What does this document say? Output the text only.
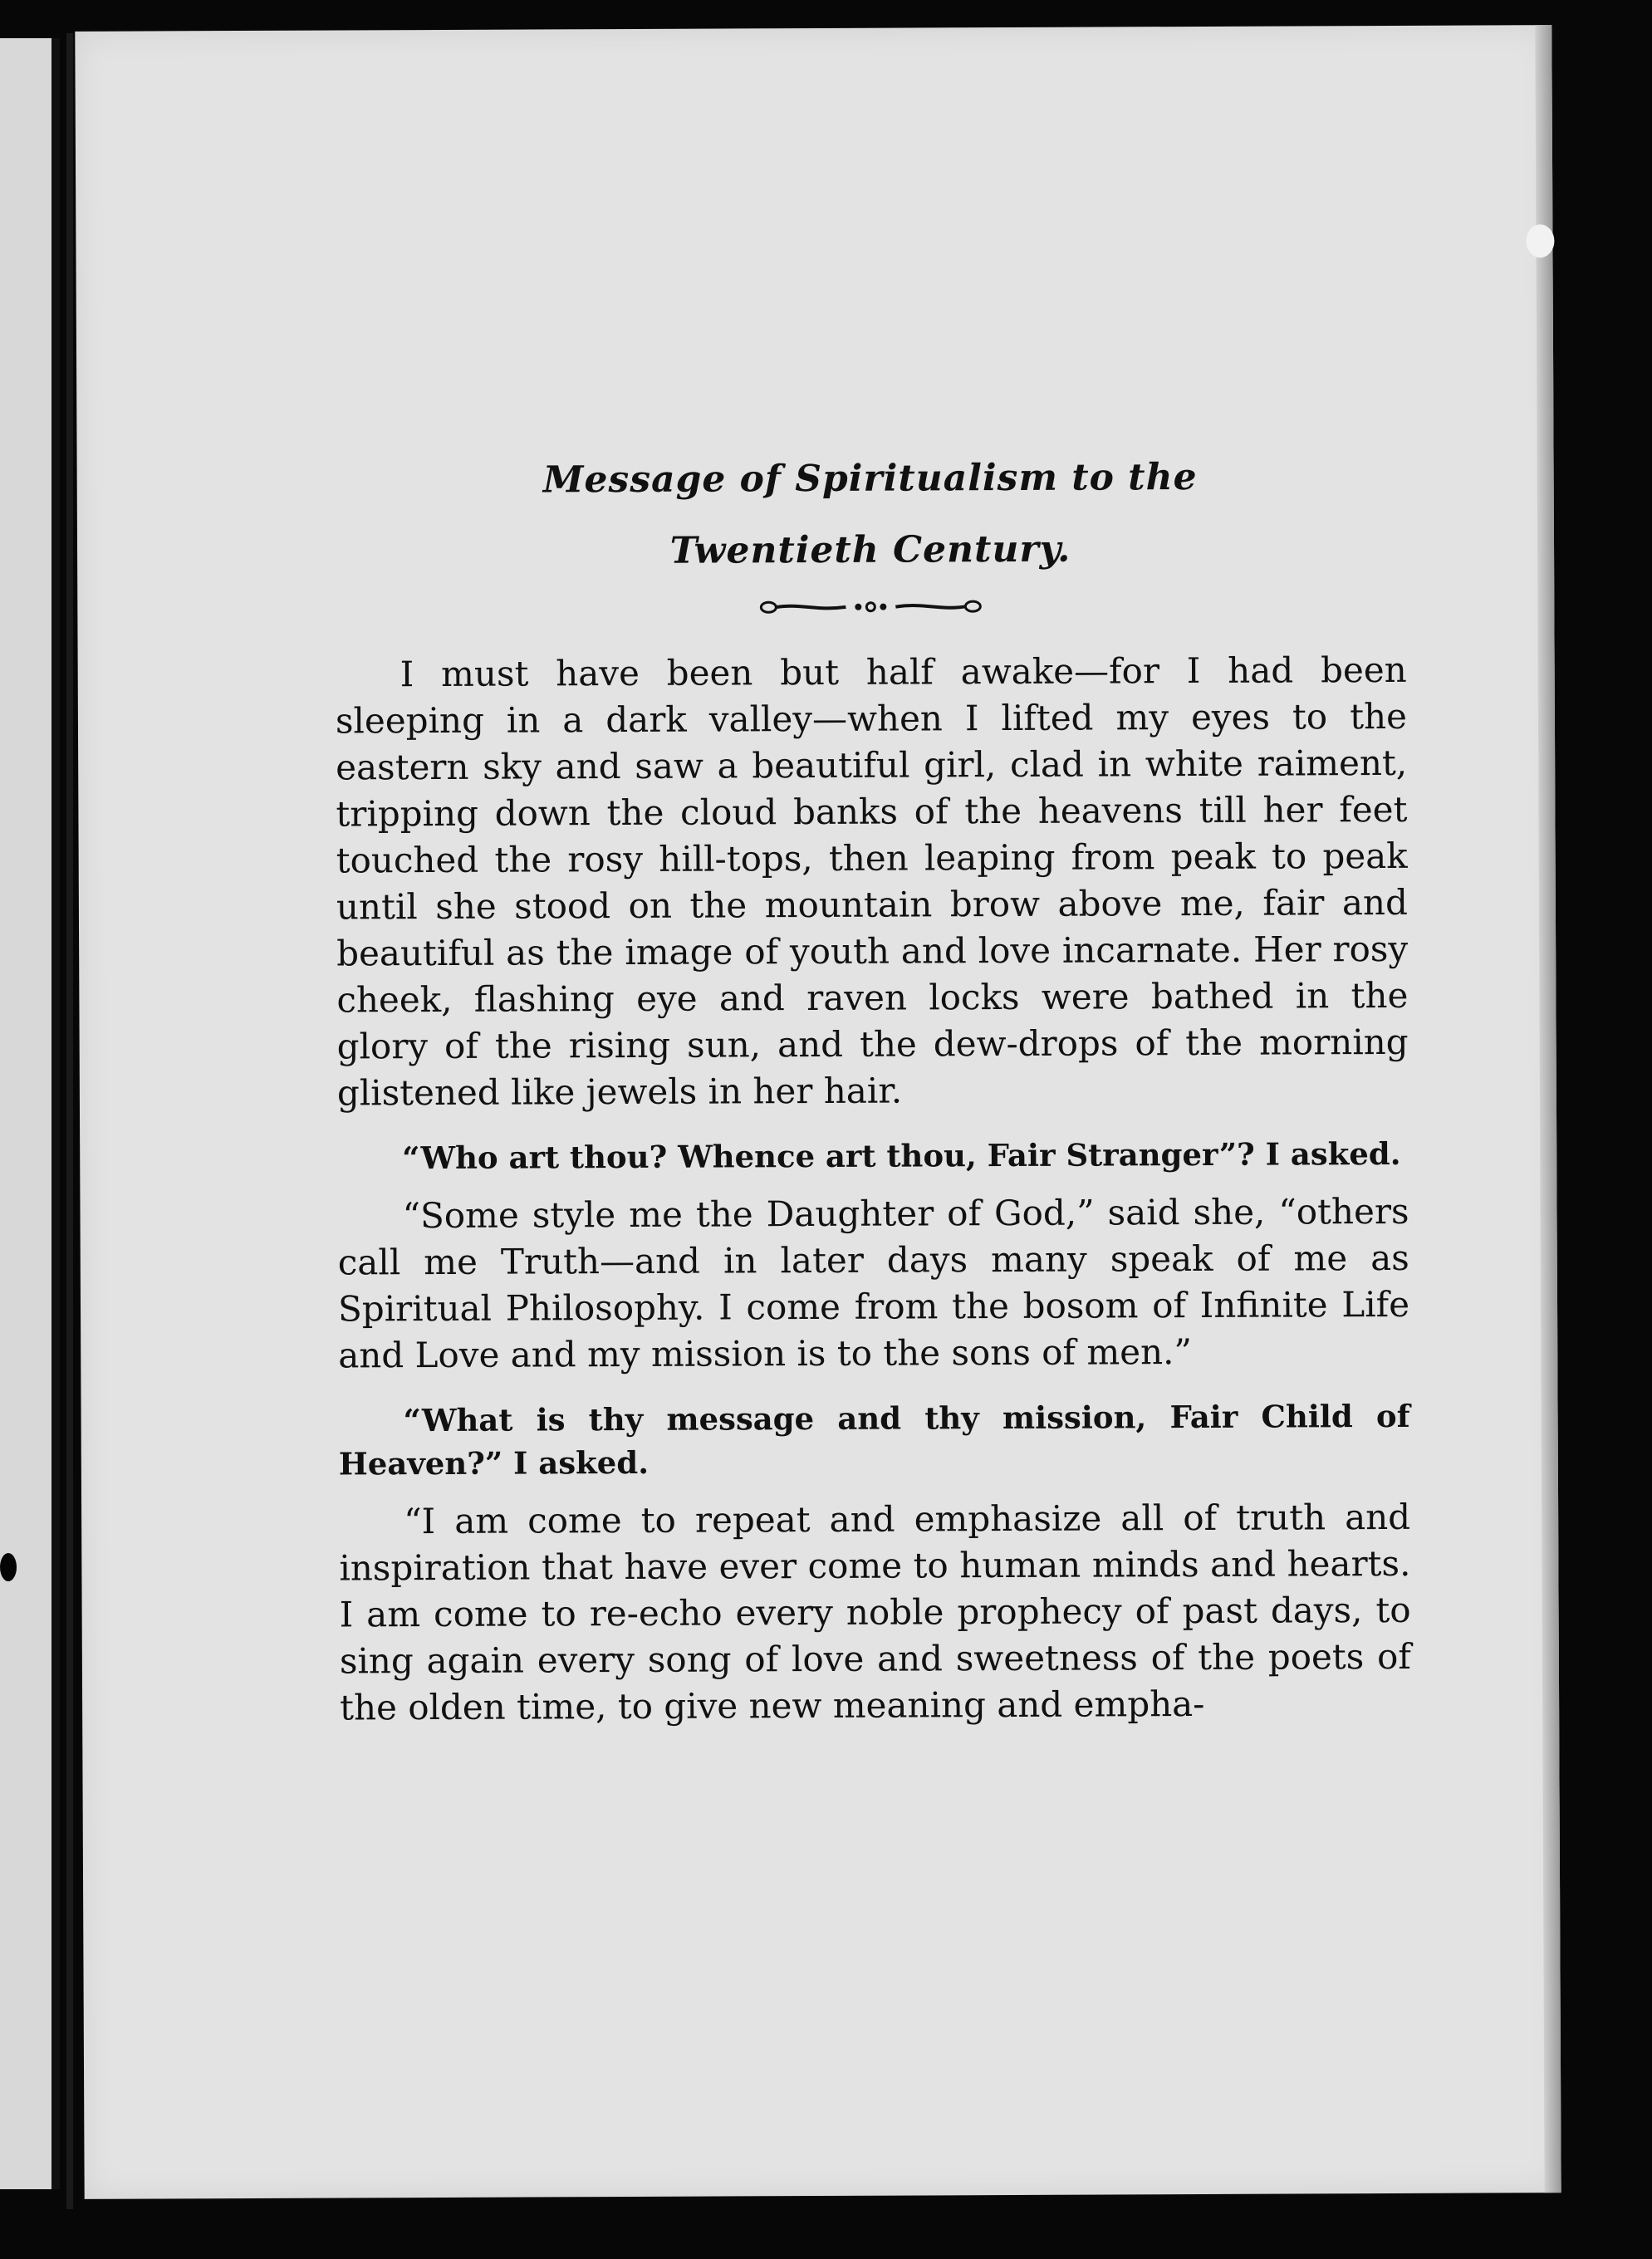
Message of Spiritualism to the
Twentieth Century.

I must have been but half awake—for I had been sleeping in a dark valley—when I lifted my eyes to the eastern sky and saw a beautiful girl, clad in white raiment, tripping down the cloud banks of the heavens till her feet touched the rosy hill-tops, then leaping from peak to peak until she stood on the mountain brow above me, fair and beautiful as the image of youth and love incarnate. Her rosy cheek, flashing eye and raven locks were bathed in the glory of the rising sun, and the dew-drops of the morning glistened like jewels in her hair.

“Who art thou? Whence art thou, Fair Stranger”? I asked.

“Some style me the Daughter of God,” said she, “others call me Truth—and in later days many speak of me as Spiritual Philosophy. I come from the bosom of Infinite Life and Love and my mission is to the sons of men.”

“What is thy message and thy mission, Fair Child of Heaven?” I asked.

“I am come to repeat and emphasize all of truth and inspiration that have ever come to human minds and hearts. I am come to re-echo every noble prophecy of past days, to sing again every song of love and sweetness of the poets of the olden time, to give new meaning and empha-
